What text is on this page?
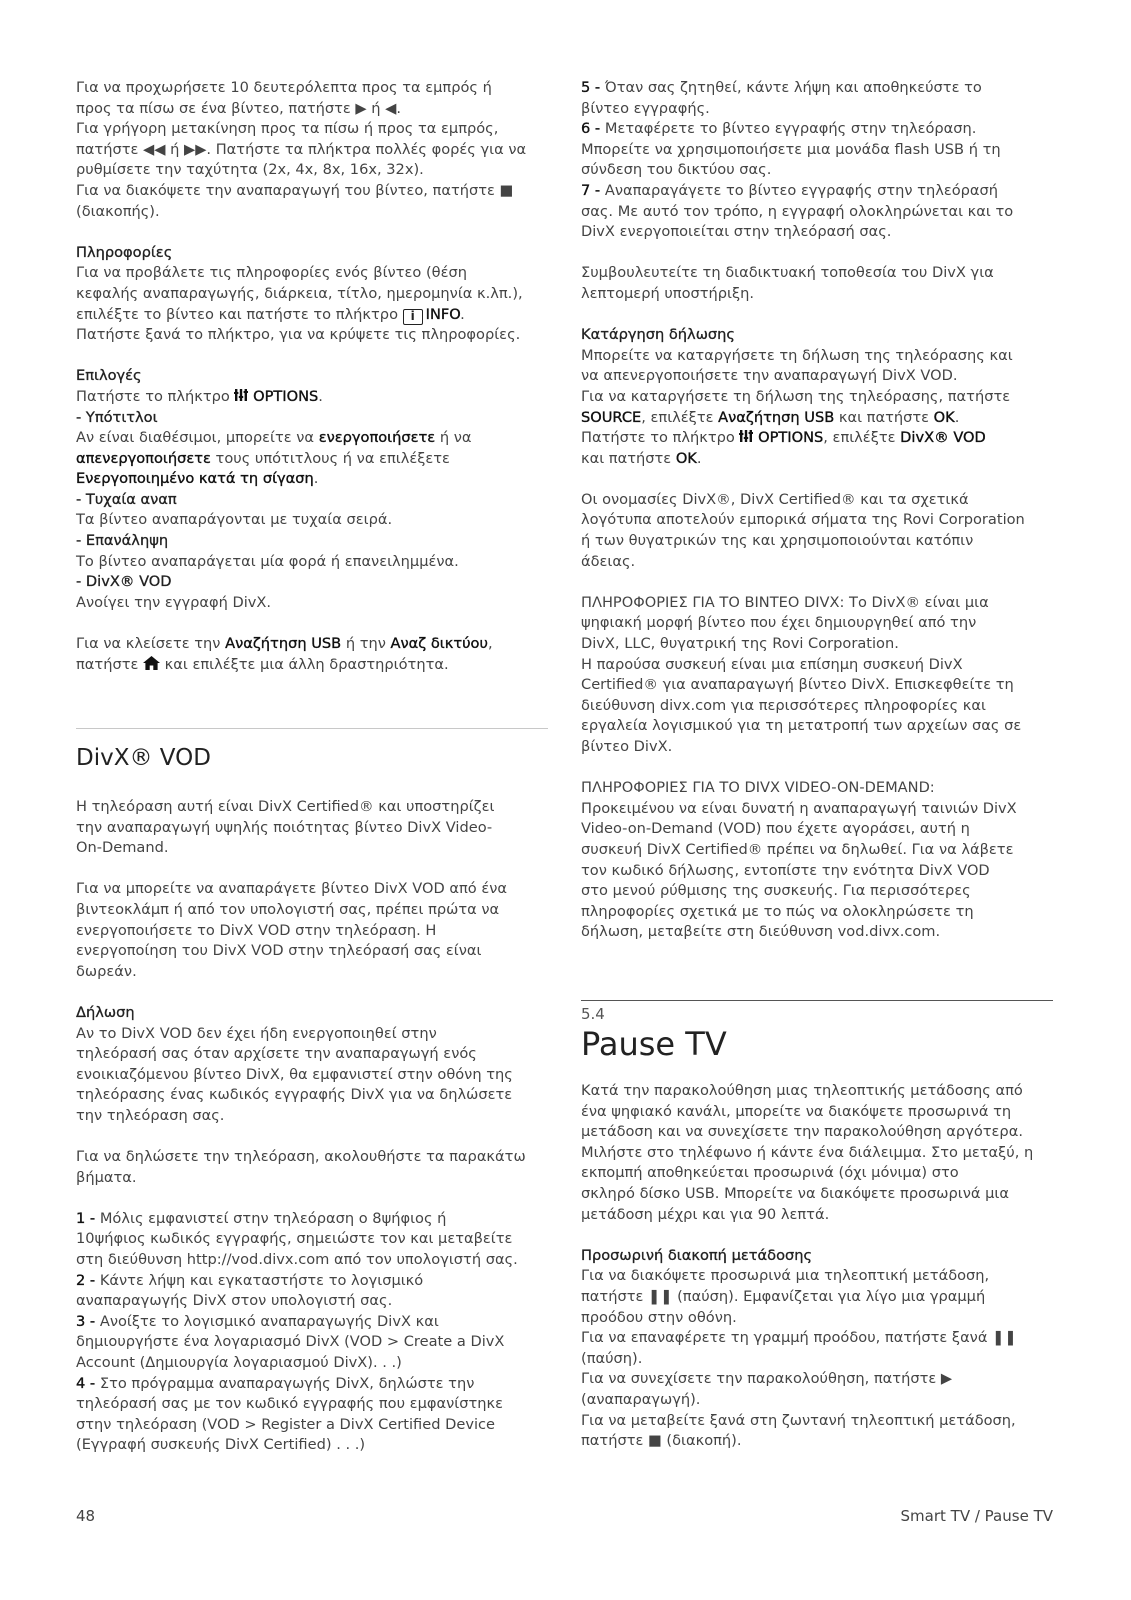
Για να προχωρήσετε 10 δευτερόλεπτα προς τα εμπρός ή
προς τα πίσω σε ένα βίντεο, πατήστε ▶ ή ◀.
Για γρήγορη μετακίνηση προς τα πίσω ή προς τα εμπρός,
πατήστε ◀◀ ή ▶▶. Πατήστε τα πλήκτρα πολλές φορές για να
ρυθμίσετε την ταχύτητα (2x, 4x, 8x, 16x, 32x).
Για να διακόψετε την αναπαραγωγή του βίντεο, πατήστε ■
(διακοπής).

Πληροφορίες
Για να προβάλετε τις πληροφορίες ενός βίντεο (θέση
κεφαλής αναπαραγωγής, διάρκεια, τίτλο, ημερομηνία κ.λπ.),
επιλέξτε το βίντεο και πατήστε το πλήκτρο i INFO.
Πατήστε ξανά το πλήκτρο, για να κρύψετε τις πληροφορίες.

Επιλογές
Πατήστε το πλήκτρο OPTIONS.
- Υπότιτλοι
Αν είναι διαθέσιμοι, μπορείτε να ενεργοποιήσετε ή να
απενεργοποιήσετε τους υπότιτλους ή να επιλέξετε
Ενεργοποιημένο κατά τη σίγαση.
- Τυχαία αναπ
Τα βίντεο αναπαράγονται με τυχαία σειρά.
- Επανάληψη
Το βίντεο αναπαράγεται μία φορά ή επανειλημμένα.
- DivX® VOD
Ανοίγει την εγγραφή DivX.

Για να κλείσετε την Αναζήτηση USB ή την Αναζ δικτύου,
πατήστε και επιλέξτε μια άλλη δραστηριότητα.

DivX® VOD

Η τηλεόραση αυτή είναι DivX Certified® και υποστηρίζει
την αναπαραγωγή υψηλής ποιότητας βίντεο DivX Video-
On-Demand.

Για να μπορείτε να αναπαράγετε βίντεο DivX VOD από ένα
βιντεοκλάμπ ή από τον υπολογιστή σας, πρέπει πρώτα να
ενεργοποιήσετε το DivX VOD στην τηλεόραση. Η
ενεργοποίηση του DivX VOD στην τηλεόρασή σας είναι
δωρεάν.

Δήλωση
Αν το DivX VOD δεν έχει ήδη ενεργοποιηθεί στην
τηλεόρασή σας όταν αρχίσετε την αναπαραγωγή ενός
ενοικιαζόμενου βίντεο DivX, θα εμφανιστεί στην οθόνη της
τηλεόρασης ένας κωδικός εγγραφής DivX για να δηλώσετε
την τηλεόραση σας.

Για να δηλώσετε την τηλεόραση, ακολουθήστε τα παρακάτω
βήματα.

1 - Μόλις εμφανιστεί στην τηλεόραση ο 8ψήφιος ή
10ψήφιος κωδικός εγγραφής, σημειώστε τον και μεταβείτε
στη διεύθυνση http://vod.divx.com από τον υπολογιστή σας.
2 - Κάντε λήψη και εγκαταστήστε το λογισμικό
αναπαραγωγής DivX στον υπολογιστή σας.
3 - Ανοίξτε το λογισμικό αναπαραγωγής DivX και
δημιουργήστε ένα λογαριασμό DivX (VOD > Create a DivX
Account (Δημιουργία λογαριασμού DivX). . .)
4 - Στο πρόγραμμα αναπαραγωγής DivX, δηλώστε την
τηλεόρασή σας με τον κωδικό εγγραφής που εμφανίστηκε
στην τηλεόραση (VOD > Register a DivX Certified Device
(Εγγραφή συσκευής DivX Certified) . . .)

5 - Όταν σας ζητηθεί, κάντε λήψη και αποθηκεύστε το
βίντεο εγγραφής.
6 - Μεταφέρετε το βίντεο εγγραφής στην τηλεόραση.
Μπορείτε να χρησιμοποιήσετε μια μονάδα flash USB ή τη
σύνδεση του δικτύου σας.
7 - Αναπαραγάγετε το βίντεο εγγραφής στην τηλεόρασή
σας. Με αυτό τον τρόπο, η εγγραφή ολοκληρώνεται και το
DivX ενεργοποιείται στην τηλεόρασή σας.

Συμβουλευτείτε τη διαδικτυακή τοποθεσία του DivX για
λεπτομερή υποστήριξη.

Κατάργηση δήλωσης
Μπορείτε να καταργήσετε τη δήλωση της τηλεόρασης και
να απενεργοποιήσετε την αναπαραγωγή DivX VOD.
Για να καταργήσετε τη δήλωση της τηλεόρασης, πατήστε
SOURCE, επιλέξτε Αναζήτηση USB και πατήστε OK.
Πατήστε το πλήκτρο OPTIONS, επιλέξτε DivX® VOD
και πατήστε OK.

Οι ονομασίες DivX®, DivX Certified® και τα σχετικά
λογότυπα αποτελούν εμπορικά σήματα της Rovi Corporation
ή των θυγατρικών της και χρησιμοποιούνται κατόπιν
άδειας.

ΠΛΗΡΟΦΟΡΙΕΣ ΓΙΑ ΤΟ ΒΙΝΤΕΟ DIVX: Το DivX® είναι μια
ψηφιακή μορφή βίντεο που έχει δημιουργηθεί από την
DivX, LLC, θυγατρική της Rovi Corporation.
Η παρούσα συσκευή είναι μια επίσημη συσκευή DivX
Certified® για αναπαραγωγή βίντεο DivX. Επισκεφθείτε τη
διεύθυνση divx.com για περισσότερες πληροφορίες και
εργαλεία λογισμικού για τη μετατροπή των αρχείων σας σε
βίντεο DivX.

ΠΛΗΡΟΦΟΡΙΕΣ ΓΙΑ ΤΟ DIVX VIDEO-ON-DEMAND:
Προκειμένου να είναι δυνατή η αναπαραγωγή ταινιών DivX
Video-on-Demand (VOD) που έχετε αγοράσει, αυτή η
συσκευή DivX Certified® πρέπει να δηλωθεί. Για να λάβετε
τον κωδικό δήλωσης, εντοπίστε την ενότητα DivX VOD
στο μενού ρύθμισης της συσκευής. Για περισσότερες
πληροφορίες σχετικά με το πώς να ολοκληρώσετε τη
δήλωση, μεταβείτε στη διεύθυνση vod.divx.com.

5.4
Pause TV

Κατά την παρακολούθηση μιας τηλεοπτικής μετάδοσης από
ένα ψηφιακό κανάλι, μπορείτε να διακόψετε προσωρινά τη
μετάδοση και να συνεχίσετε την παρακολούθηση αργότερα.
Μιλήστε στο τηλέφωνο ή κάντε ένα διάλειμμα. Στο μεταξύ, η
εκπομπή αποθηκεύεται προσωρινά (όχι μόνιμα) στο
σκληρό δίσκο USB. Μπορείτε να διακόψετε προσωρινά μια
μετάδοση μέχρι και για 90 λεπτά.

Προσωρινή διακοπή μετάδοσης
Για να διακόψετε προσωρινά μια τηλεοπτική μετάδοση,
πατήστε ❚❚ (παύση). Εμφανίζεται για λίγο μια γραμμή
προόδου στην οθόνη.
Για να επαναφέρετε τη γραμμή προόδου, πατήστε ξανά ❚❚
(παύση).
Για να συνεχίσετε την παρακολούθηση, πατήστε ▶
(αναπαραγωγή).
Για να μεταβείτε ξανά στη ζωντανή τηλεοπτική μετάδοση,
πατήστε ■ (διακοπή).

48	Smart TV / Pause TV
